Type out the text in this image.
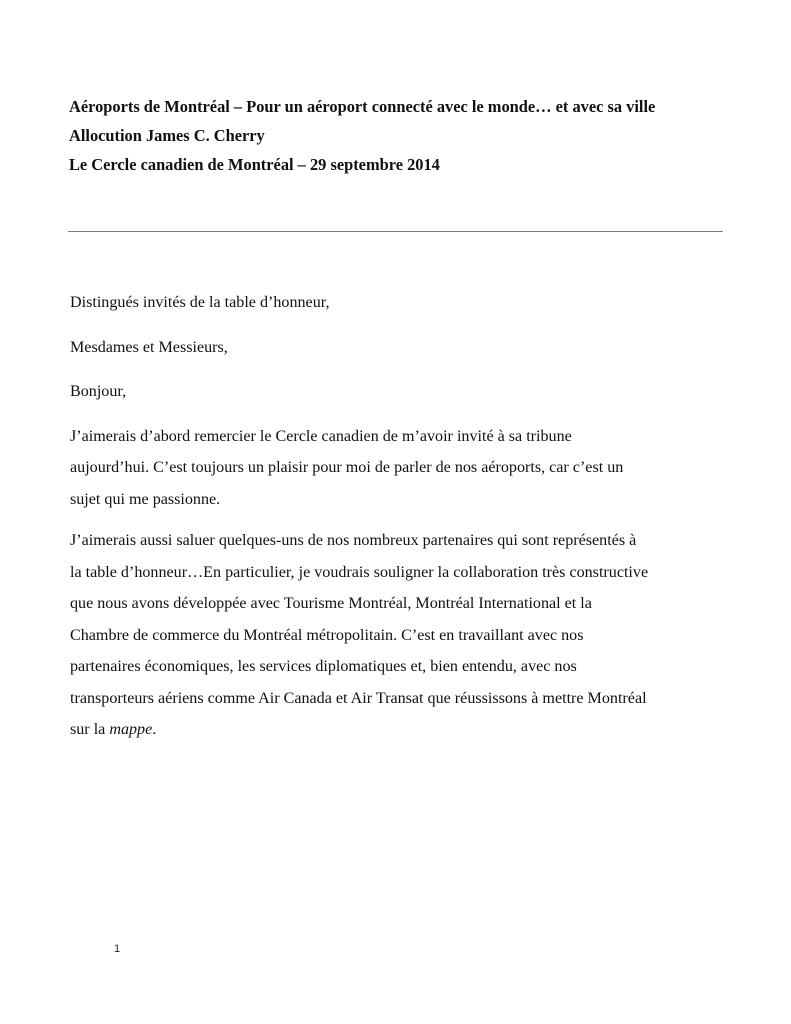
Aéroports de Montréal – Pour un aéroport connecté avec le monde… et avec sa ville
Allocution James C. Cherry
Le Cercle canadien de Montréal – 29 septembre 2014

Distingués invités de la table d’honneur,

Mesdames et Messieurs,

Bonjour,

J’aimerais d’abord remercier le Cercle canadien de m’avoir invité à sa tribune
aujourd’hui. C’est toujours un plaisir pour moi de parler de nos aéroports, car c’est un
sujet qui me passionne.

J’aimerais aussi saluer quelques-uns de nos nombreux partenaires qui sont représentés à
la table d’honneur…En particulier, je voudrais souligner la collaboration très constructive
que nous avons développée avec Tourisme Montréal, Montréal International et la
Chambre de commerce du Montréal métropolitain. C’est en travaillant avec nos
partenaires économiques, les services diplomatiques et, bien entendu, avec nos
transporteurs aériens comme Air Canada et Air Transat que réussissons à mettre Montréal
sur la mappe.

1
